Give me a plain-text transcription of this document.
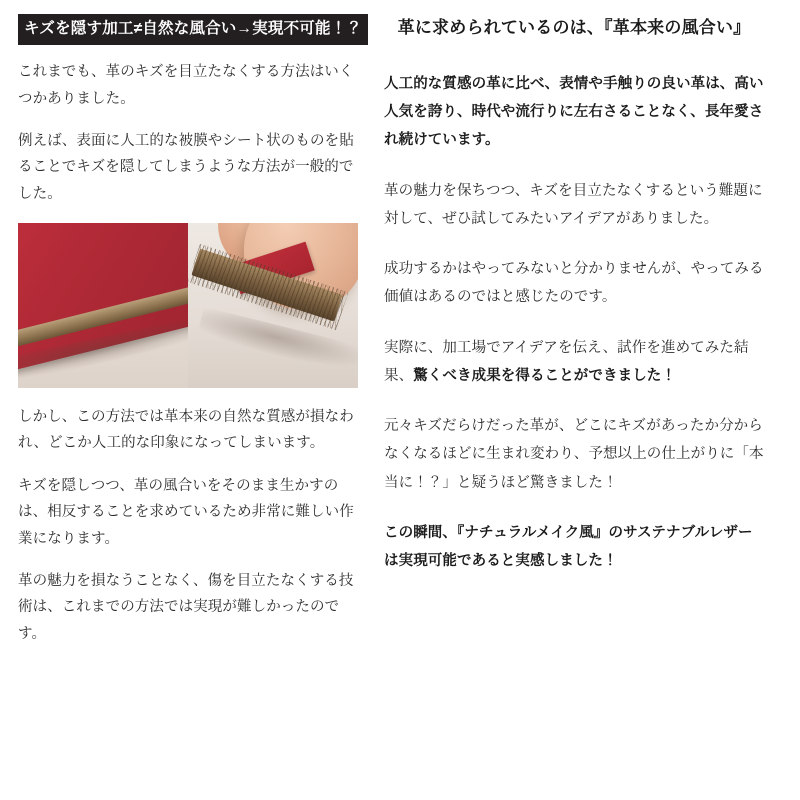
キズを隠す加工≠自然な風合い→実現不可能！？

これまでも、革のキズを目立たなくする方法はいくつかありました。

例えば、表面に人工的な被膜やシート状のものを貼ることでキズを隠してしまうような方法が一般的でした。

しかし、この方法では革本来の自然な質感が損なわれ、どこか人工的な印象になってしまいます。

キズを隠しつつ、革の風合いをそのまま生かすのは、相反することを求めているため非常に難しい作業になります。

革の魅力を損なうことなく、傷を目立たなくする技術は、これまでの方法では実現が難しかったのです。

革に求められているのは、『革本来の風合い』

人工的な質感の革に比べ、表情や手触りの良い革は、高い人気を誇り、時代や流行りに左右さることなく、長年愛され続けています。

革の魅力を保ちつつ、キズを目立たなくするという難題に対して、ぜひ試してみたいアイデアがありました。

成功するかはやってみないと分かりませんが、やってみる価値はあるのではと感じたのです。

実際に、加工場でアイデアを伝え、試作を進めてみた結果、驚くべき成果を得ることができました！

元々キズだらけだった革が、どこにキズがあったか分からなくなるほどに生まれ変わり、予想以上の仕上がりに「本当に！？」と疑うほど驚きました！

この瞬間、『ナチュラルメイク風』のサステナブルレザーは実現可能であると実感しました！
